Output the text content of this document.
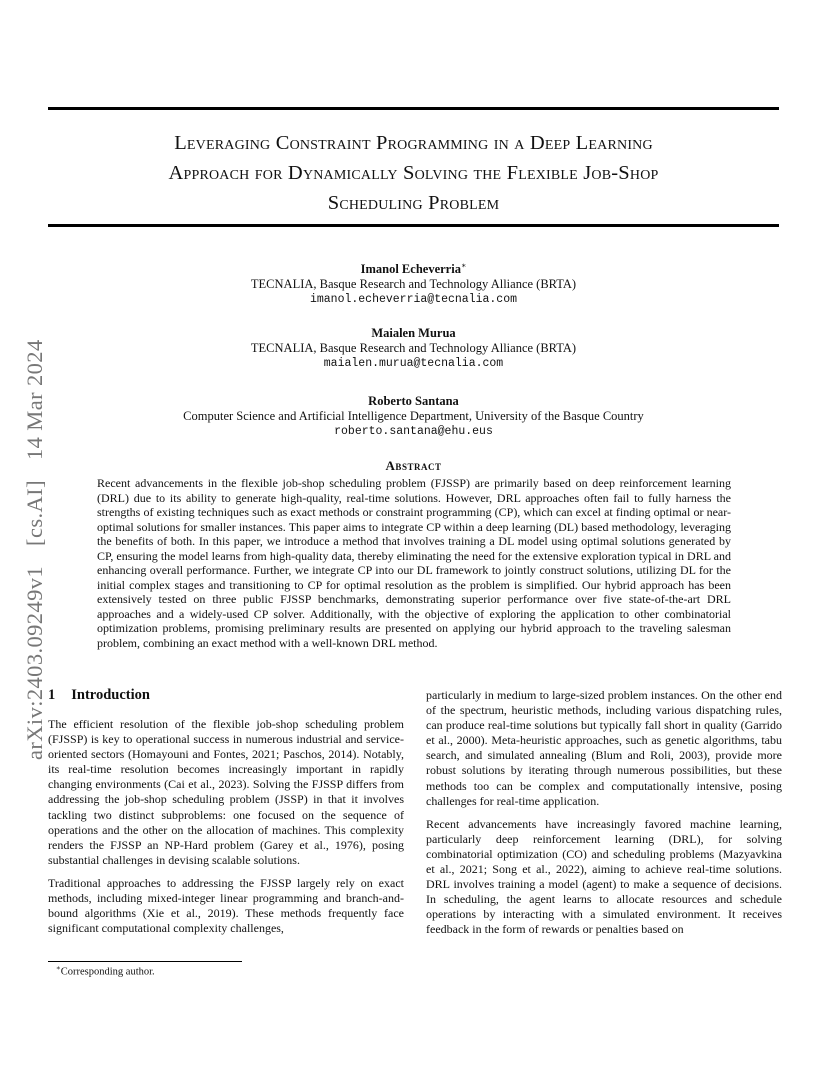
arXiv:2403.09249v1[cs.AI]14 Mar 2024
Leveraging Constraint Programming in a Deep Learning
Approach for Dynamically Solving the Flexible Job-Shop
Scheduling Problem
Imanol Echeverria∗
TECNALIA, Basque Research and Technology Alliance (BRTA)
imanol.echeverria@tecnalia.com
Maialen Murua
TECNALIA, Basque Research and Technology Alliance (BRTA)
maialen.murua@tecnalia.com
Roberto Santana
Computer Science and Artificial Intelligence Department, University of the Basque Country
roberto.santana@ehu.eus
Abstract
Recent advancements in the flexible job-shop scheduling problem (FJSSP) are primarily based on deep reinforcement learning (DRL) due to its ability to generate high-quality, real-time solutions. However, DRL approaches often fail to fully harness the strengths of existing techniques such as exact methods or constraint programming (CP), which can excel at finding optimal or near-optimal solutions for smaller instances. This paper aims to integrate CP within a deep learning (DL) based methodology, leveraging the benefits of both. In this paper, we introduce a method that involves training a DL model using optimal solutions generated by CP, ensuring the model learns from high-quality data, thereby eliminating the need for the extensive exploration typical in DRL and enhancing overall performance. Further, we integrate CP into our DL framework to jointly construct solutions, utilizing DL for the initial complex stages and transitioning to CP for optimal resolution as the problem is simplified. Our hybrid approach has been extensively tested on three public FJSSP benchmarks, demonstrating superior performance over five state-of-the-art DRL approaches and a widely-used CP solver. Additionally, with the objective of exploring the application to other combinatorial optimization problems, promising preliminary results are presented on applying our hybrid approach to the traveling salesman problem, combining an exact method with a well-known DRL method.
1 Introduction

The efficient resolution of the flexible job-shop scheduling problem (FJSSP) is key to operational success in numerous industrial and service-oriented sectors (Homayouni and Fontes, 2021; Paschos, 2014). Notably, its real-time resolution becomes increasingly important in rapidly changing environments (Cai et al., 2023). Solving the FJSSP differs from addressing the job-shop scheduling problem (JSSP) in that it involves tackling two distinct subproblems: one focused on the sequence of operations and the other on the allocation of machines. This complexity renders the FJSSP an NP-Hard problem (Garey et al., 1976), posing substantial challenges in devising scalable solutions.

Traditional approaches to addressing the FJSSP largely rely on exact methods, including mixed-integer linear programming and branch-and-bound algorithms (Xie et al., 2019). These methods frequently face significant computational complexity challenges,

particularly in medium to large-sized problem instances. On the other end of the spectrum, heuristic methods, including various dispatching rules, can produce real-time solutions but typically fall short in quality (Garrido et al., 2000). Meta-heuristic approaches, such as genetic algorithms, tabu search, and simulated annealing (Blum and Roli, 2003), provide more robust solutions by iterating through numerous possibilities, but these methods too can be complex and computationally intensive, posing challenges for real-time application.

Recent advancements have increasingly favored machine learning, particularly deep reinforcement learning (DRL), for solving combinatorial optimization (CO) and scheduling problems (Mazyavkina et al., 2021; Song et al., 2022), aiming to achieve real-time solutions. DRL involves training a model (agent) to make a sequence of decisions. In scheduling, the agent learns to allocate resources and schedule operations by interacting with a simulated environment. It receives feedback in the form of rewards or penalties based on

∗Corresponding author.
